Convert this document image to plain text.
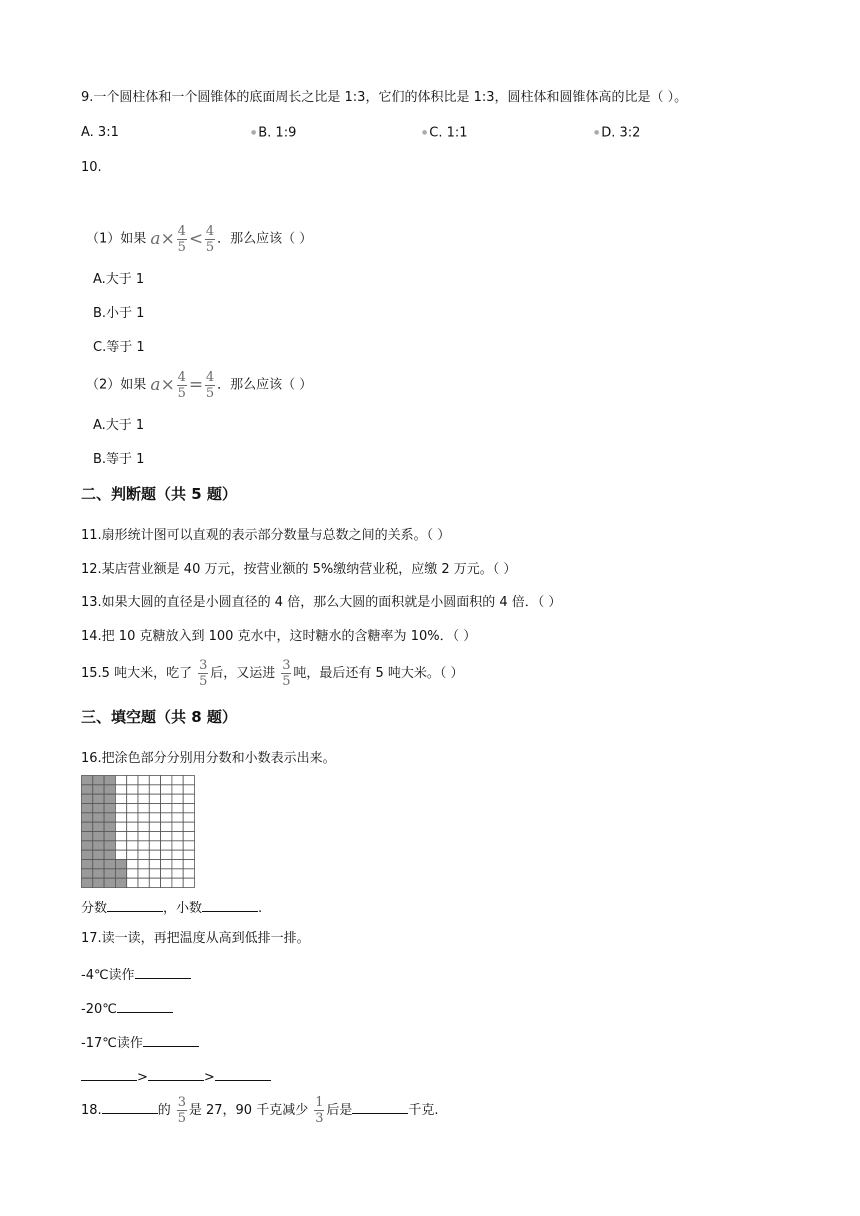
9.一个圆柱体和一个圆锥体的底面周长之比是 1:3，它们的体积比是 1:3，圆柱体和圆锥体高的比是（ ）。
A. 3:1	● B. 1:9	● C. 1:1	● D. 3:2
10.
（1）如果 $a\times \frac{4}{5} < \frac{4}{5}$ ．那么应该（ ）
A.大于 1
B.小于 1
C.等于 1
（2）如果 $a\times \frac{4}{5} = \frac{4}{5}$ ．那么应该（ ）
A.大于 1
B.等于 1
二、判断题（共 5 题）
11.扇形统计图可以直观的表示部分数量与总数之间的关系。（ ）
12.某店营业额是 40 万元，按营业额的 5%缴纳营业税，应缴 2 万元。（ ）
13.如果大圆的直径是小圆直径的 4 倍，那么大圆的面积就是小圆面积的 4 倍．（ ）
14.把 10 克糖放入到 100 克水中，这时糖水的含糖率为 10%．（ ）
15.5 吨大米，吃了 $\frac{3}{5}$ 后，又运进 $\frac{3}{5}$ 吨，最后还有 5 吨大米。（ ）
三、填空题（共 8 题）
16.把涂色部分分别用分数和小数表示出来。
分数	，小数	.
17.读一读，再把温度从高到低排一排。
-4℃读作
-20℃
-17℃读作
>	>
18.	的 $\frac{3}{5}$ 是 27，90 千克减少 $\frac{1}{3}$ 后是	千克.
